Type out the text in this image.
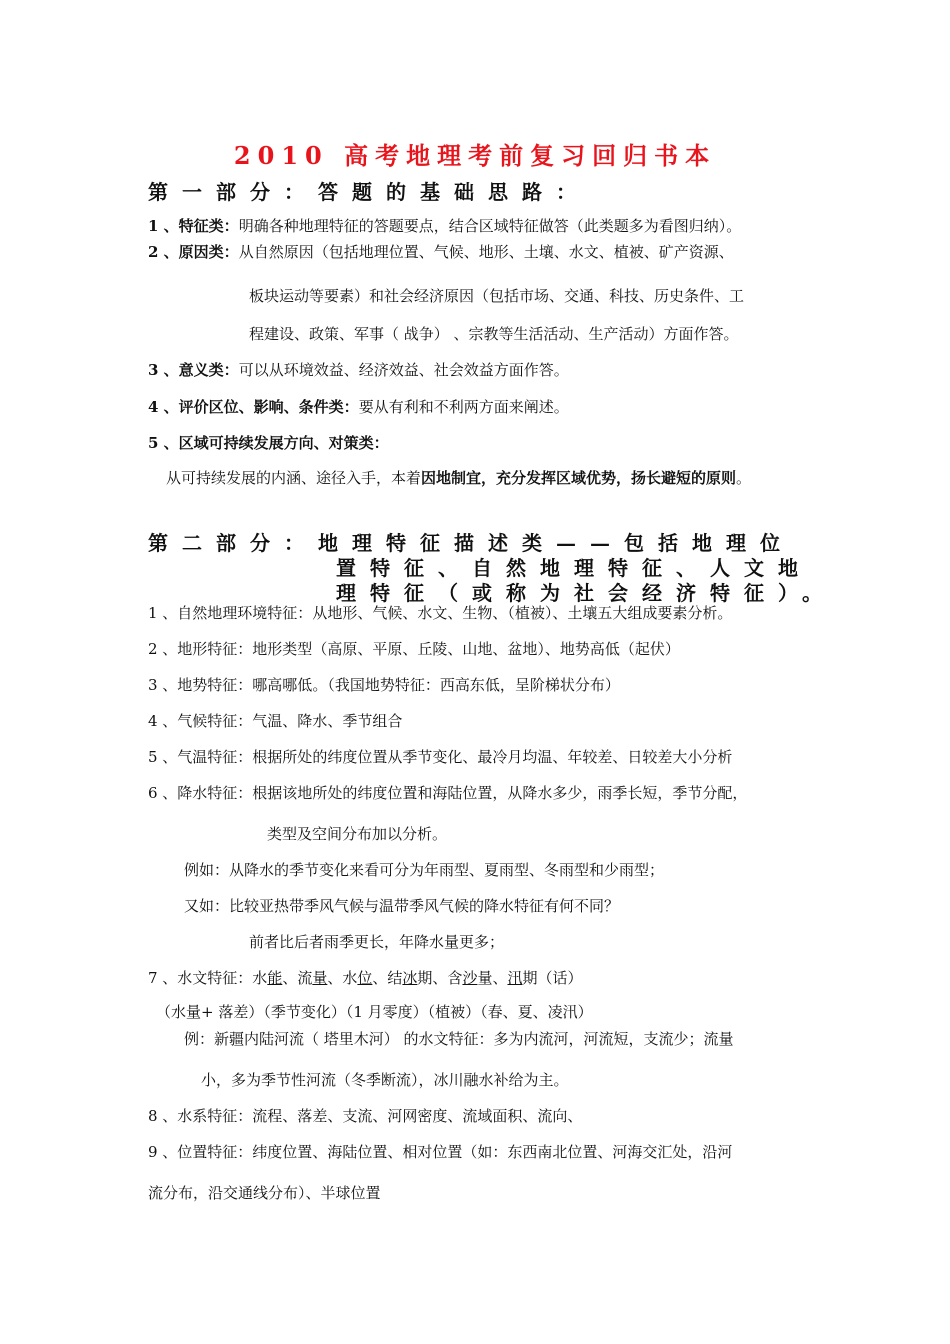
2010 高考地理考前复习回归书本
第一部分：答题的基础思路：
1 、特征类：明确各种地理特征的答题要点，结合区域特征做答（此类题多为看图归纳）。
2 、原因类：从自然原因（包括地理位置、气候、地形、土壤、水文、植被、矿产资源、
板块运动等要素）和社会经济原因（包括市场、交通、科技、历史条件、工
程建设、政策、军事（ 战争） 、宗教等生活活动、生产活动）方面作答。
3 、意义类：可以从环境效益、经济效益、社会效益方面作答。
4 、评价区位、影响、条件类：要从有利和不利两方面来阐述。
5 、区域可持续发展方向、对策类：
从可持续发展的内涵、途径入手，本着因地制宜，充分发挥区域优势，扬长避短的原则。
第二部分：地理特征描述类——包括地理位
置特征、自然地理特征、人文地
理特征（或称为社会经济特征）。
1 、自然地理环境特征：从地形、气候、水文、生物、（植被）、土壤五大组成要素分析。
2 、地形特征：地形类型（高原、平原、丘陵、山地、盆地）、地势高低（起伏）
3 、地势特征：哪高哪低。（我国地势特征：西高东低，呈阶梯状分布）
4 、气候特征：气温、降水、季节组合
5 、气温特征：根据所处的纬度位置从季节变化、最冷月均温、年较差、日较差大小分析
6 、降水特征：根据该地所处的纬度位置和海陆位置，从降水多少，雨季长短，季节分配，
类型及空间分布加以分析。
例如：从降水的季节变化来看可分为年雨型、夏雨型、冬雨型和少雨型；
又如：比较亚热带季风气候与温带季风气候的降水特征有何不同？
前者比后者雨季更长，年降水量更多；
7 、水文特征：水能、流量、水位、结冰期、含沙量、汛期（话）
（水量+ 落差）（季节变化）（1 月零度）（植被）（春、夏、凌汛）
例：新疆内陆河流（ 塔里木河） 的水文特征：多为内流河，河流短，支流少；流量
小，多为季节性河流（冬季断流），冰川融水补给为主。
8 、水系特征：流程、落差、支流、河网密度、流域面积、流向、
9 、位置特征：纬度位置、海陆位置、相对位置（如：东西南北位置、河海交汇处，沿河
流分布，沿交通线分布）、半球位置
